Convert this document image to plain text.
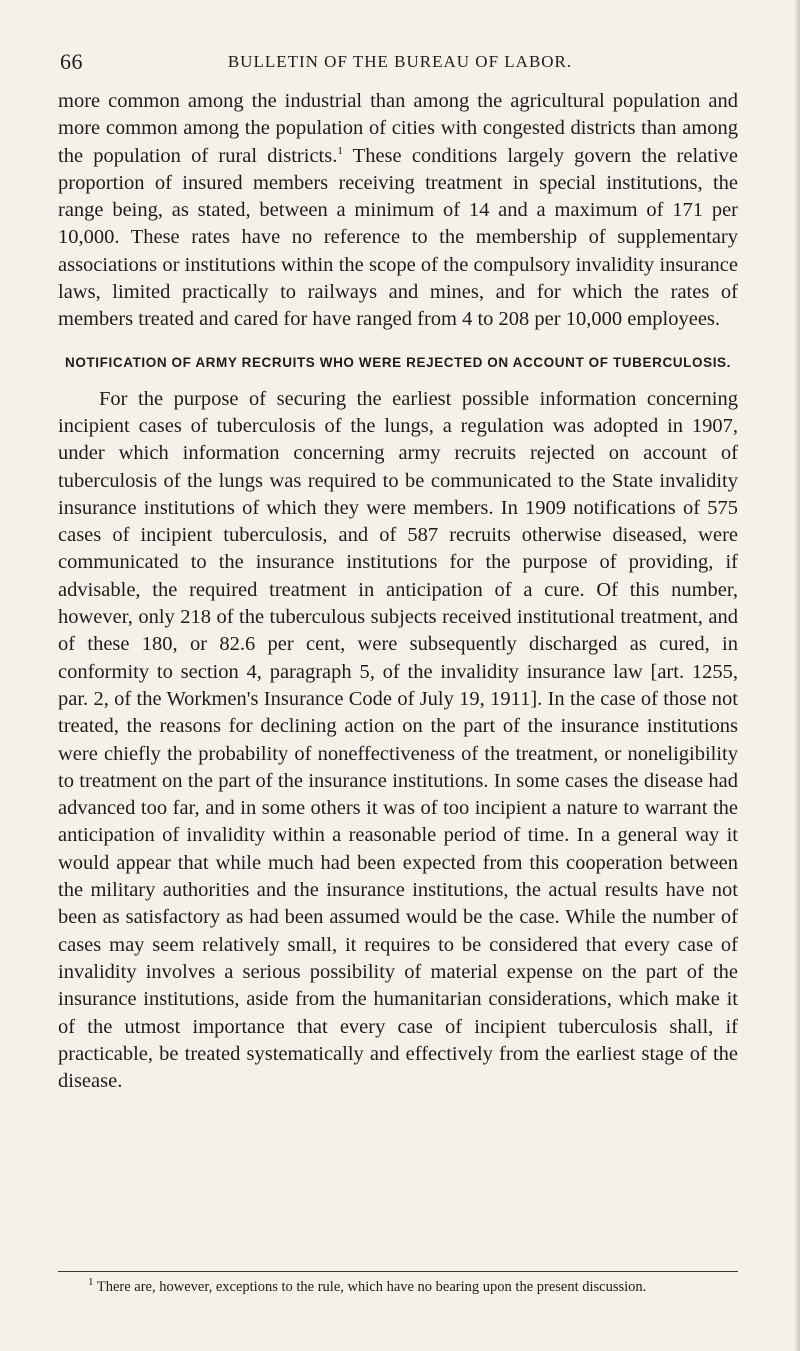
66	BULLETIN OF THE BUREAU OF LABOR.

more common among the industrial than among the agricultural population and more common among the population of cities with congested districts than among the population of rural districts.$^1$ These conditions largely govern the relative proportion of insured members receiving treatment in special institutions, the range being, as stated, between a minimum of 14 and a maximum of 171 per 10,000. These rates have no reference to the membership of supplementary associations or institutions within the scope of the compulsory invalidity insurance laws, limited practically to railways and mines, and for which the rates of members treated and cared for have ranged from 4 to 208 per 10,000 employees.

NOTIFICATION OF ARMY RECRUITS WHO WERE REJECTED ON ACCOUNT OF TUBERCULOSIS.

For the purpose of securing the earliest possible information concerning incipient cases of tuberculosis of the lungs, a regulation was adopted in 1907, under which information concerning army recruits rejected on account of tuberculosis of the lungs was required to be communicated to the State invalidity insurance institutions of which they were members. In 1909 notifications of 575 cases of incipient tuberculosis, and of 587 recruits otherwise diseased, were communicated to the insurance institutions for the purpose of providing, if advisable, the required treatment in anticipation of a cure. Of this number, however, only 218 of the tuberculous subjects received institutional treatment, and of these 180, or 82.6 per cent, were subsequently discharged as cured, in conformity to section 4, paragraph 5, of the invalidity insurance law [art. 1255, par. 2, of the Workmen's Insurance Code of July 19, 1911]. In the case of those not treated, the reasons for declining action on the part of the insurance institutions were chiefly the probability of noneffectiveness of the treatment, or noneligibility to treatment on the part of the insurance institutions. In some cases the disease had advanced too far, and in some others it was of too incipient a nature to warrant the anticipation of invalidity within a reasonable period of time. In a general way it would appear that while much had been expected from this cooperation between the military authorities and the insurance institutions, the actual results have not been as satisfactory as had been assumed would be the case. While the number of cases may seem relatively small, it requires to be considered that every case of invalidity involves a serious possibility of material expense on the part of the insurance institutions, aside from the humanitarian considerations, which make it of the utmost importance that every case of incipient tuberculosis shall, if practicable, be treated systematically and effectively from the earliest stage of the disease.

$^1$ There are, however, exceptions to the rule, which have no bearing upon the present discussion.
